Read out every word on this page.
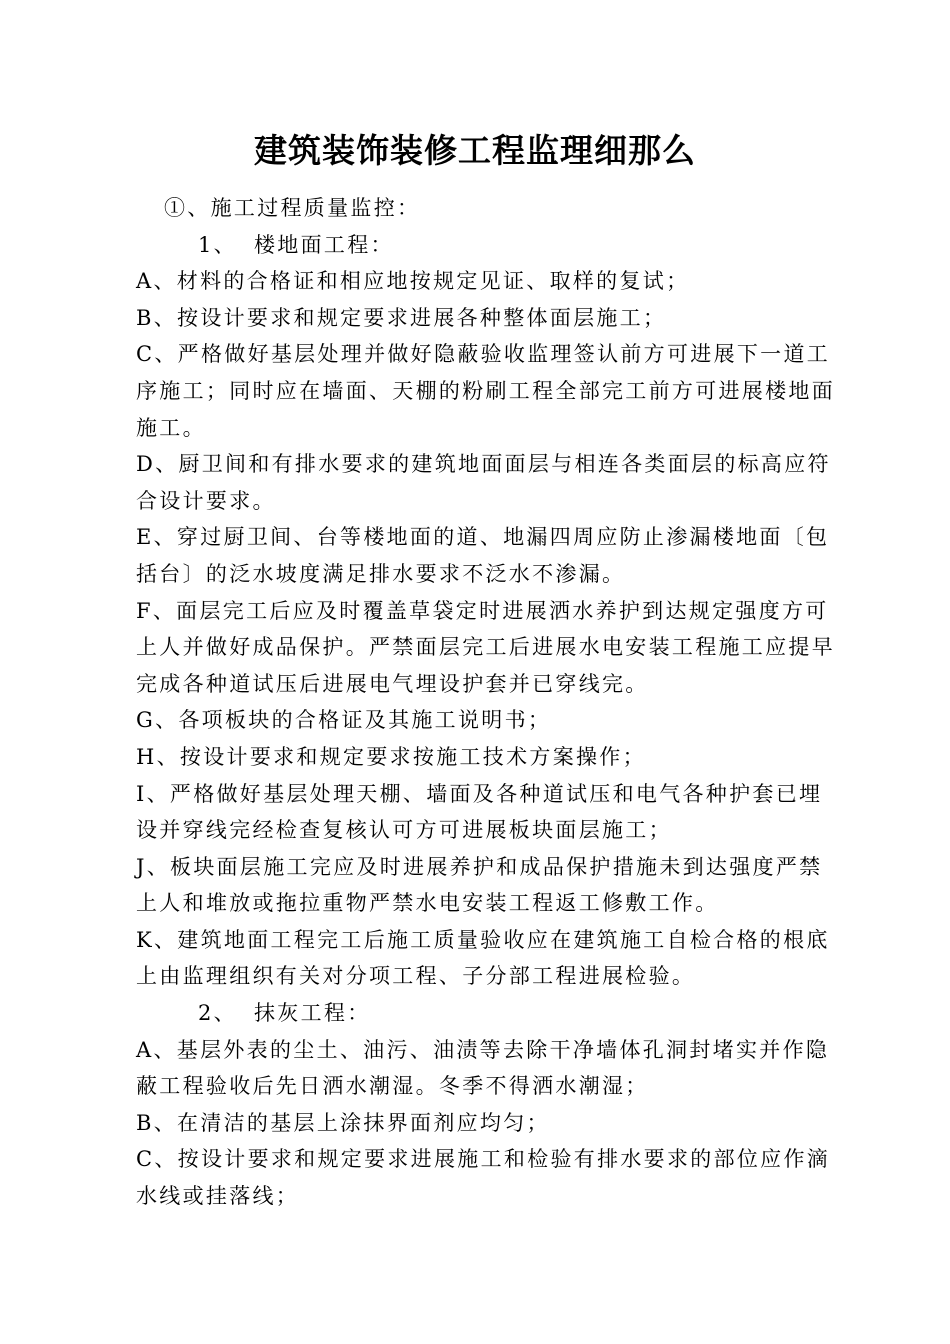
建筑装饰装修工程监理细那么

①、施工过程质量监控：

1、 楼地面工程：

A、材料的合格证和相应地按规定见证、取样的复试；

B、按设计要求和规定要求进展各种整体面层施工；

C、严格做好基层处理并做好隐蔽验收监理签认前方可进展下一道工

序施工；同时应在墙面、天棚的粉刷工程全部完工前方可进展楼地面

施工。

D、厨卫间和有排水要求的建筑地面面层与相连各类面层的标高应符

合设计要求。

E、穿过厨卫间、台等楼地面的道、地漏四周应防止渗漏楼地面〔包

括台〕的泛水坡度满足排水要求不泛水不渗漏。

F、面层完工后应及时覆盖草袋定时进展洒水养护到达规定强度方可

上人并做好成品保护。严禁面层完工后进展水电安装工程施工应提早

完成各种道试压后进展电气埋设护套并已穿线完。

G、各项板块的合格证及其施工说明书；

H、按设计要求和规定要求按施工技术方案操作；

I、严格做好基层处理天棚、墙面及各种道试压和电气各种护套已埋

设并穿线完经检查复核认可方可进展板块面层施工；

J、板块面层施工完应及时进展养护和成品保护措施未到达强度严禁

上人和堆放或拖拉重物严禁水电安装工程返工修敷工作。

K、建筑地面工程完工后施工质量验收应在建筑施工自检合格的根底

上由监理组织有关对分项工程、子分部工程进展检验。

2、 抹灰工程：

A、基层外表的尘土、油污、油渍等去除干净墙体孔洞封堵实并作隐

蔽工程验收后先日洒水潮湿。冬季不得洒水潮湿；

B、在清洁的基层上涂抹界面剂应均匀；

C、按设计要求和规定要求进展施工和检验有排水要求的部位应作滴

水线或挂落线；
